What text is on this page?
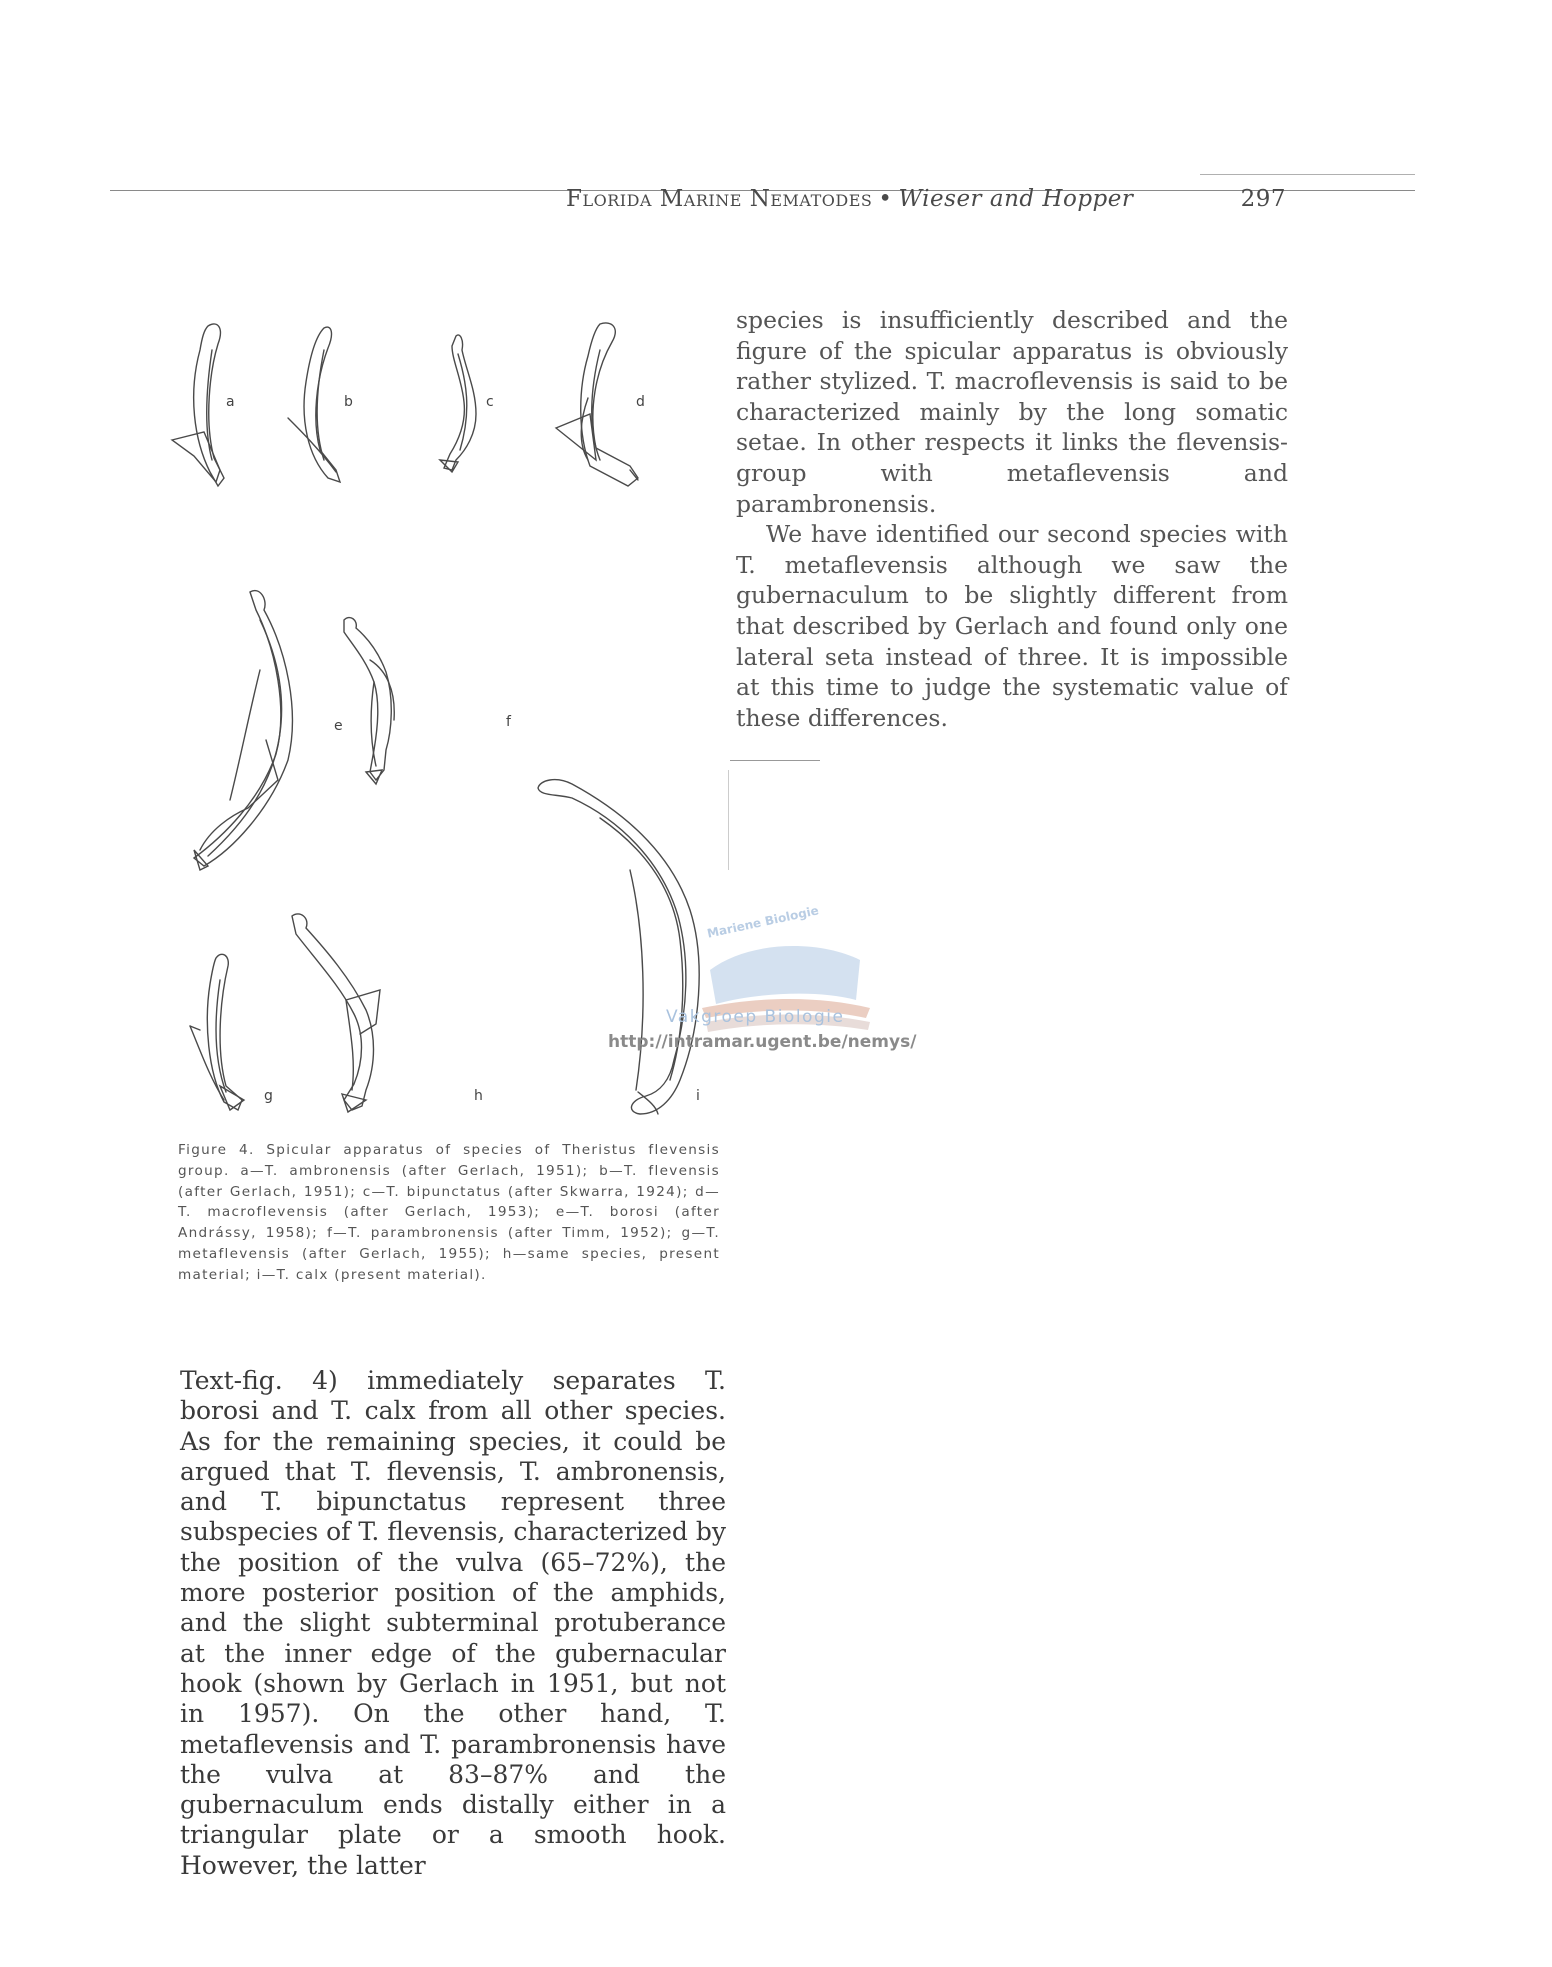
Florida Marine Nematodes • Wieser and Hopper	297
a	b	c	d
e	f
g	h	i

species is insufficiently described and the figure of the spicular apparatus is obviously rather stylized. T. macroflevensis is said to be characterized mainly by the long somatic setae. In other respects it links the flevensis-group with metaflevensis and parambronensis.

We have identified our second species with T. metaflevensis although we saw the gubernaculum to be slightly different from that described by Gerlach and found only one lateral seta instead of three. It is impossible at this time to judge the systematic value of these differences.

Figure 4. Spicular apparatus of species of Theristus flevensis group. a—T. ambronensis (after Gerlach, 1951); b—T. flevensis (after Gerlach, 1951); c—T. bipunctatus (after Skwarra, 1924); d—T. macroflevensis (after Gerlach, 1953); e—T. borosi (after Andrássy, 1958); f—T. parambronensis (after Timm, 1952); g—T. metaflevensis (after Gerlach, 1955); h—same species, present material; i—T. calx (present material).

Text-fig. 4) immediately separates T. borosi and T. calx from all other species. As for the remaining species, it could be argued that T. flevensis, T. ambronensis, and T. bipunctatus represent three subspecies of T. flevensis, characterized by the position of the vulva (65–72%), the more posterior position of the amphids, and the slight subterminal protuberance at the inner edge of the gubernacular hook (shown by Gerlach in 1951, but not in 1957). On the other hand, T. metaflevensis and T. parambronensis have the vulva at 83–87% and the gubernaculum ends distally either in a triangular plate or a smooth hook. However, the latter

Mariene Biologie
Vakgroep Biologie
http://intramar.ugent.be/nemys/
